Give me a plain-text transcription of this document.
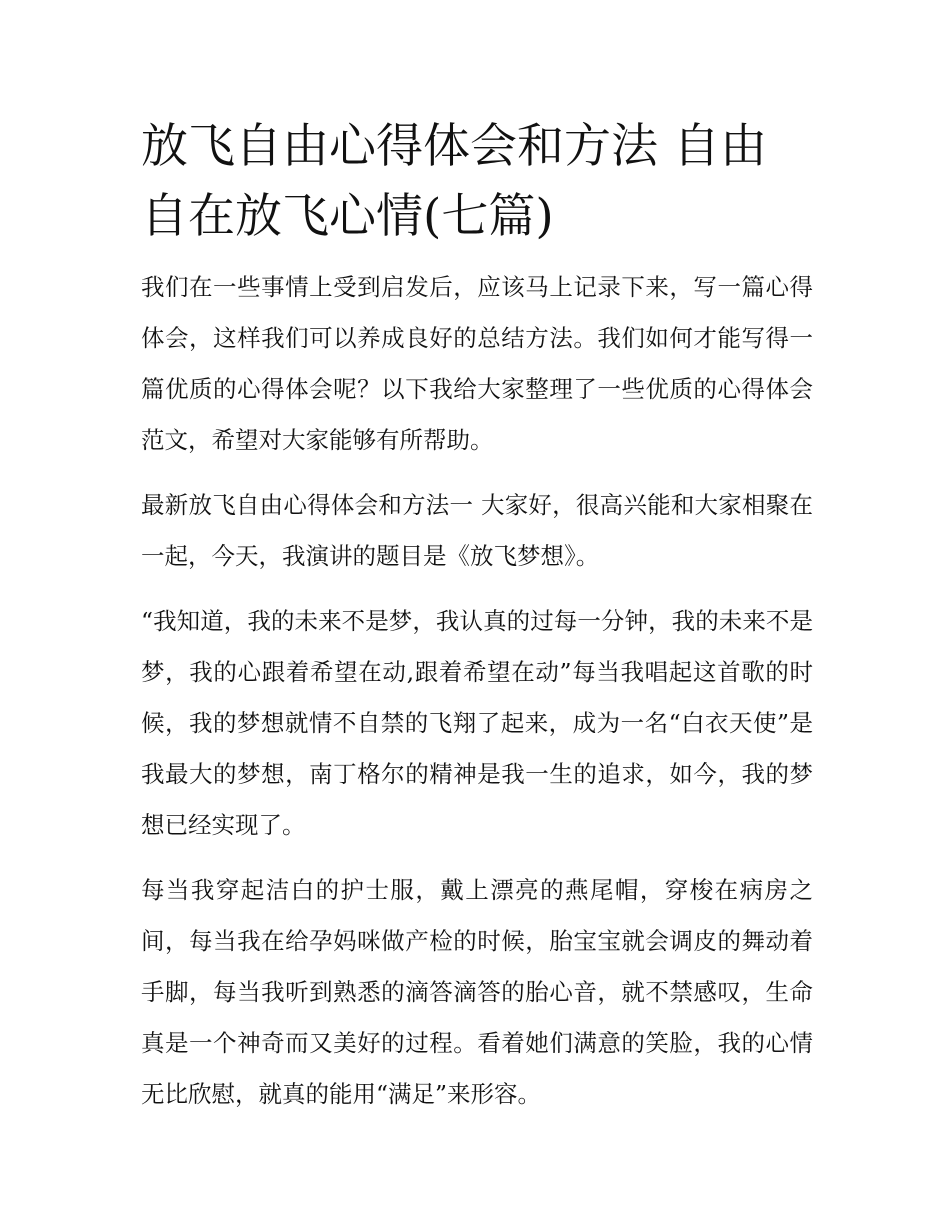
放飞自由心得体会和方法 自由自在放飞心情(七篇)

我们在一些事情上受到启发后，应该马上记录下来，写一篇心得体会，这样我们可以养成良好的总结方法。我们如何才能写得一篇优质的心得体会呢？以下我给大家整理了一些优质的心得体会范文，希望对大家能够有所帮助。

最新放飞自由心得体会和方法一 大家好，很高兴能和大家相聚在一起，今天，我演讲的题目是《放飞梦想》。

“我知道，我的未来不是梦，我认真的过每一分钟，我的未来不是梦，我的心跟着希望在动,跟着希望在动”每当我唱起这首歌的时候，我的梦想就情不自禁的飞翔了起来，成为一名“白衣天使”是我最大的梦想，南丁格尔的精神是我一生的追求，如今，我的梦想已经实现了。

每当我穿起洁白的护士服，戴上漂亮的燕尾帽，穿梭在病房之间，每当我在给孕妈咪做产检的时候，胎宝宝就会调皮的舞动着手脚，每当我听到熟悉的滴答滴答的胎心音，就不禁感叹，生命真是一个神奇而又美好的过程。看着她们满意的笑脸，我的心情无比欣慰，就真的能用“满足”来形容。
